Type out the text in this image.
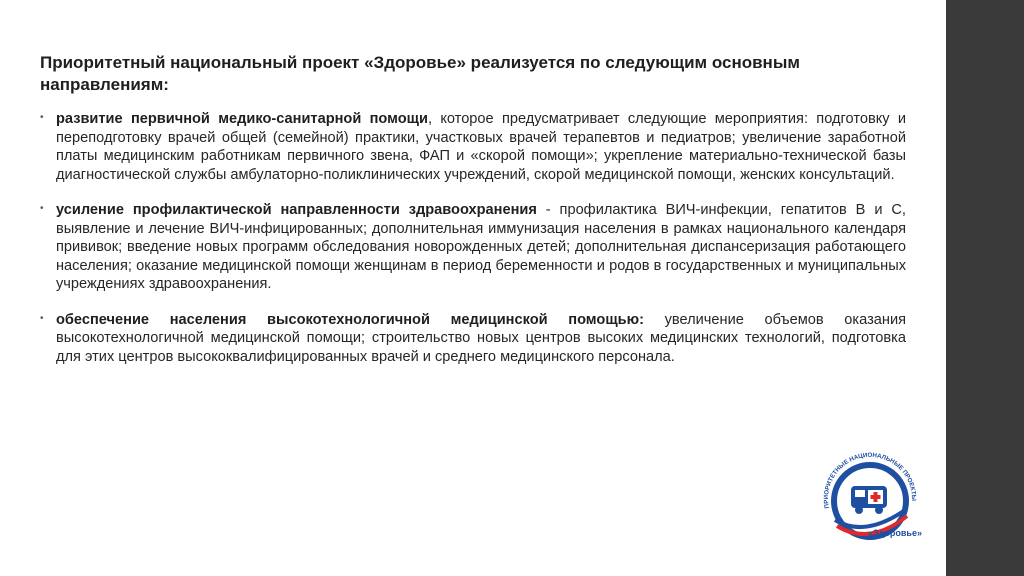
Приоритетный национальный проект «Здоровье» реализуется по следующим основным направлениям:
• развитие первичной медико-санитарной помощи, которое предусматривает следующие мероприятия: подготовку и переподготовку врачей общей (семейной) практики, участковых врачей терапевтов и педиатров; увеличение заработной платы медицинским работникам первичного звена, ФАП и «скорой помощи»; укрепление материально-технической базы диагностической службы амбулаторно-поликлинических учреждений, скорой медицинской помощи, женских консультаций.
• усиление профилактической направленности здравоохранения - профилактика ВИЧ-инфекции, гепатитов В и С, выявление и лечение ВИЧ-инфицированных; дополнительная иммунизация населения в рамках национального календаря прививок; введение новых программ обследования новорожденных детей; дополнительная диспансеризация работающего населения; оказание медицинской помощи женщинам в период беременности и родов в государственных и муниципальных учреждениях здравоохранения.
• обеспечение населения высокотехнологичной медицинской помощью: увеличение объемов оказания высокотехнологичной медицинской помощи; строительство новых центров высоких медицинских технологий, подготовка для этих центров высококвалифицированных врачей и среднего медицинского персонала.
ПРИОРИТЕТНЫЕ НАЦИОНАЛЬНЫЕ ПРОЕКТЫ
«Здоровье»
